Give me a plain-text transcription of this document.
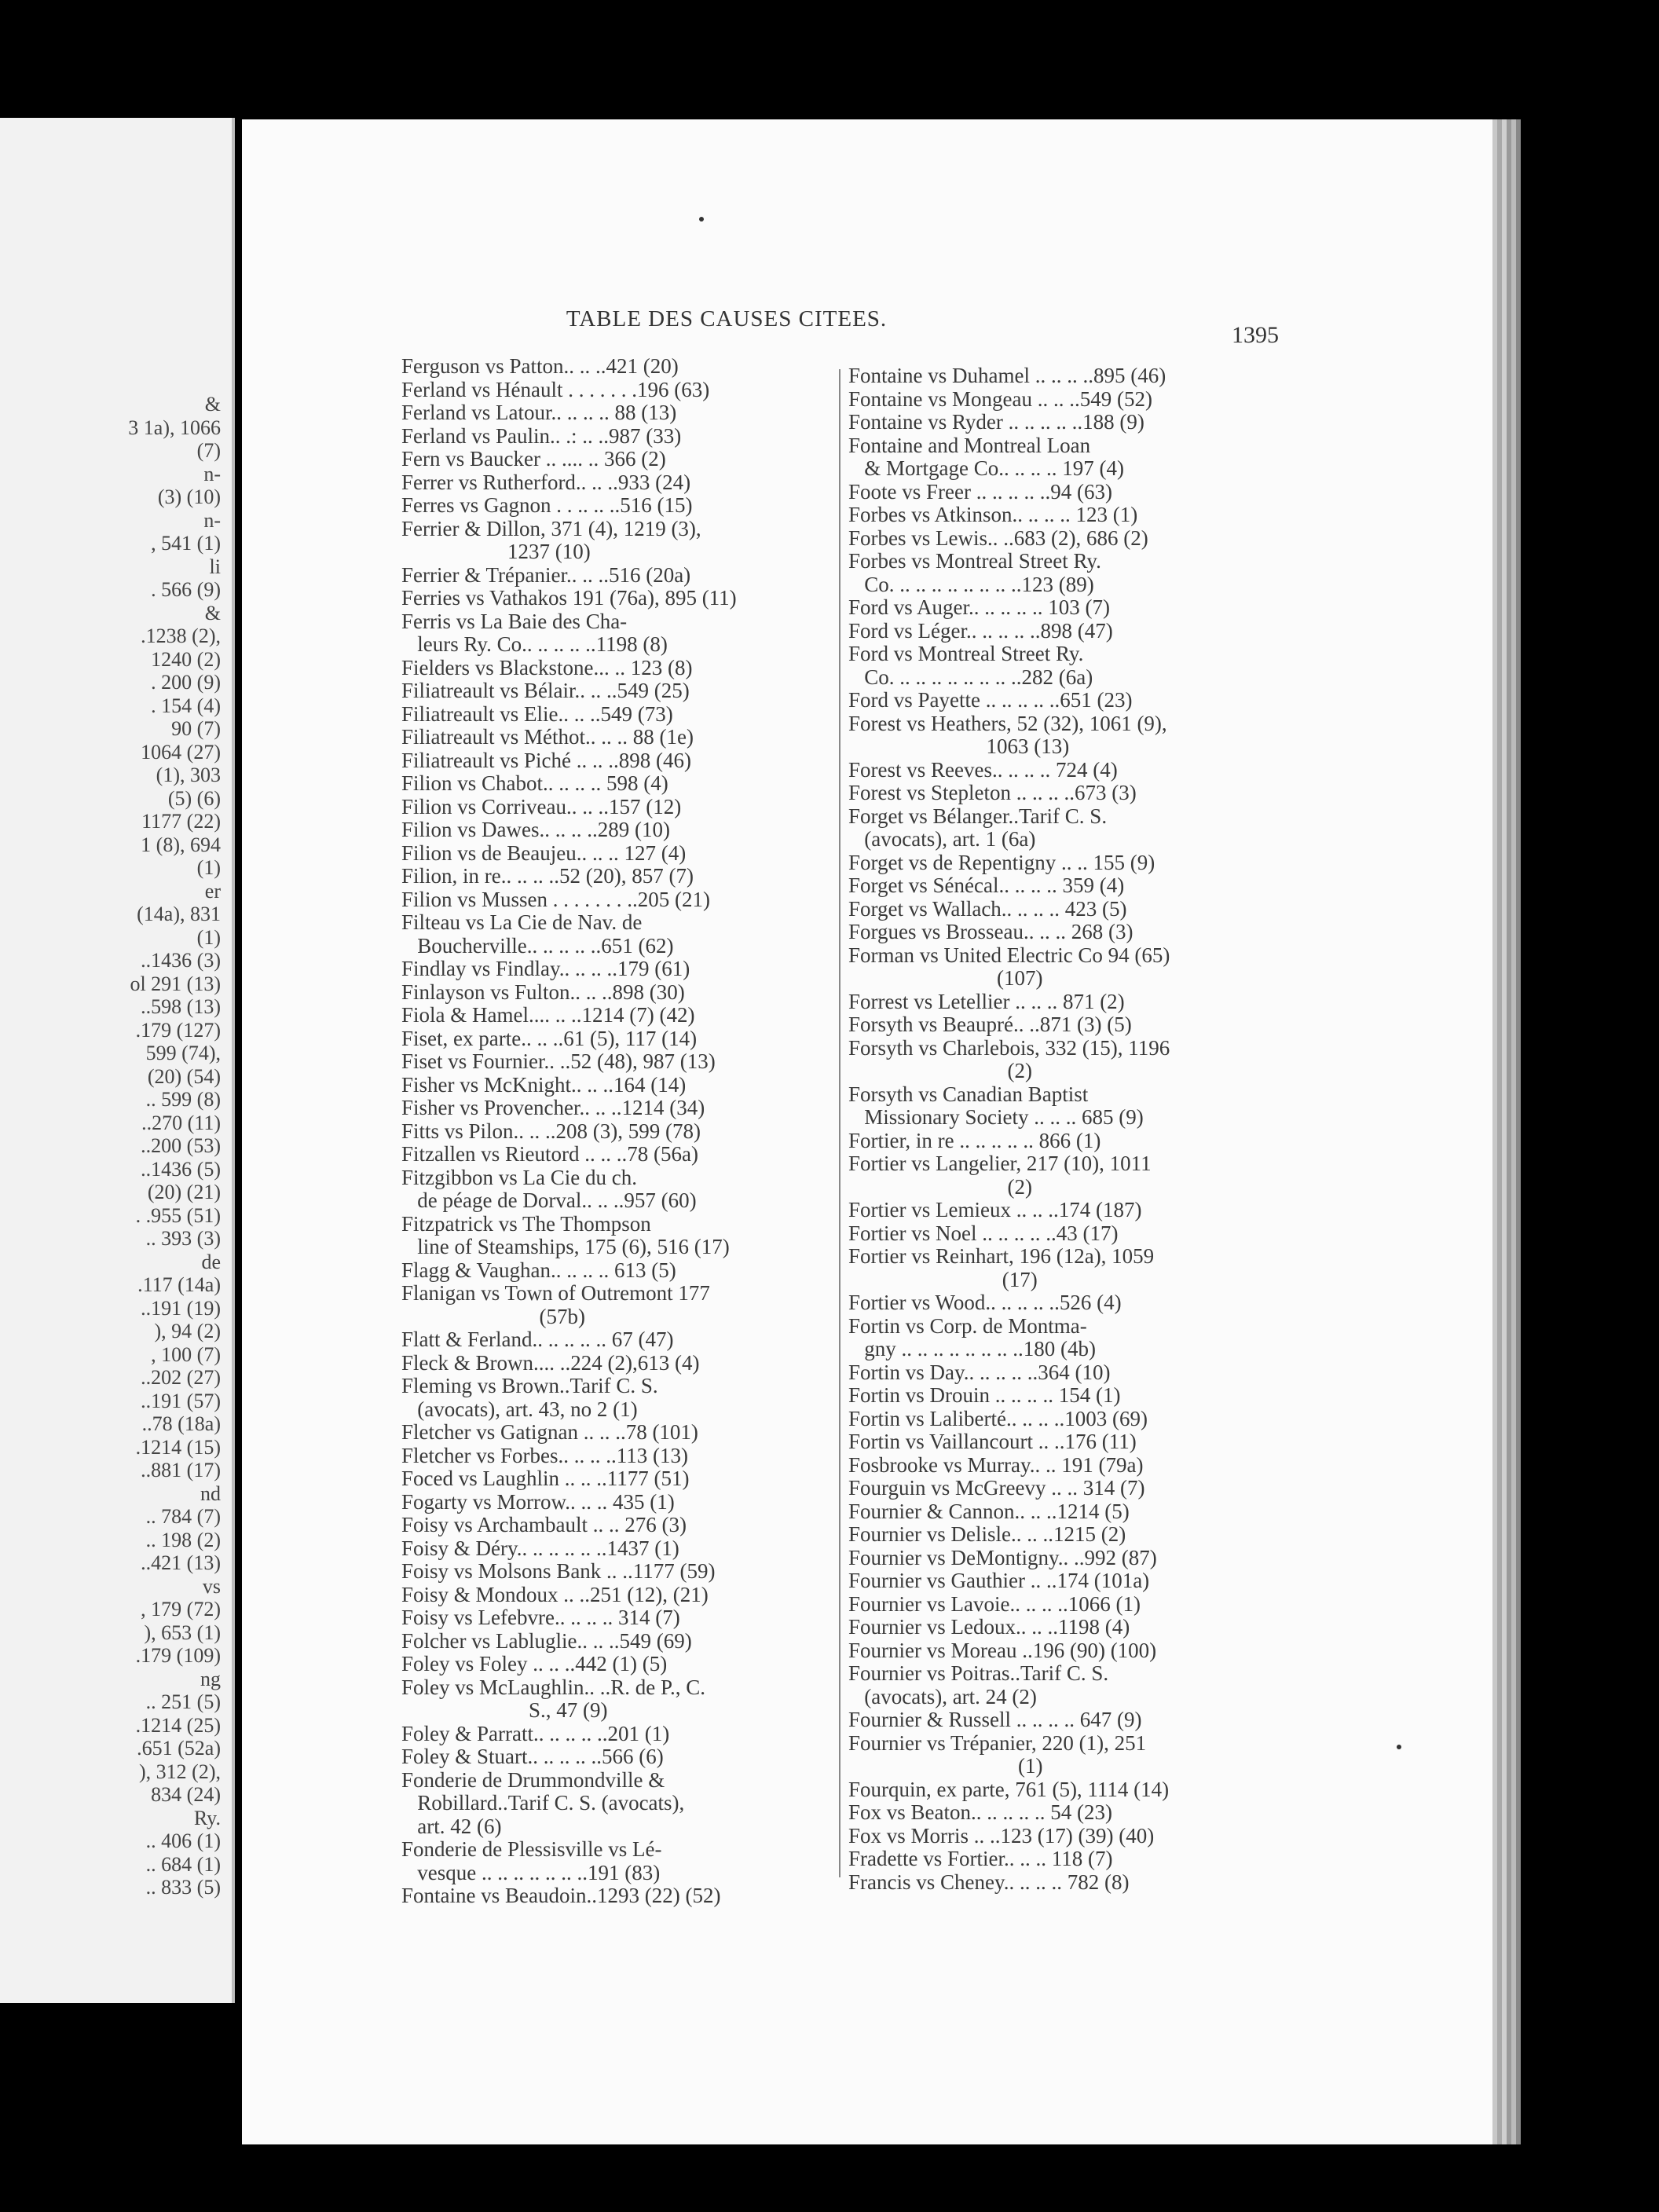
&
3 1a), 1066
(7)
n-
(3) (10)
n-
, 541 (1)
li
. 566 (9)
&
.1238 (2),
1240 (2)
. 200 (9)
. 154 (4)
90 (7)
1064 (27)
(1), 303
(5) (6)
1177 (22)
1 (8), 694
(1)
er
(14a), 831
(1)
..1436 (3)
ol 291 (13)
..598 (13)
.179 (127)
599 (74),
(20) (54)
.. 599 (8)
..270 (11)
..200 (53)
..1436 (5)
(20) (21)
. .955 (51)
.. 393 (3)
de
.117 (14a)
..191 (19)
), 94 (2)
, 100 (7)
..202 (27)
..191 (57)
..78 (18a)
.1214 (15)
..881 (17)
nd
.. 784 (7)
.. 198 (2)
..421 (13)
vs
, 179 (72)
), 653 (1)
.179 (109)
ng
.. 251 (5)
.1214 (25)
.651 (52a)
), 312 (2),
834 (24)
Ry.
.. 406 (1)
.. 684 (1)
.. 833 (5)
TABLE DES CAUSES CITEES.
1395
Ferguson vs Patton.. .. ..421 (20)
Ferland vs Hénault . . . . . . .196 (63)
Ferland vs Latour.. .. .. .. 88 (13)
Ferland vs Paulin.. .: .. ..987 (33)
Fern vs Baucker .. .... .. 366 (2)
Ferrer vs Rutherford.. .. ..933 (24)
Ferres vs Gagnon . . .. .. ..516 (15)
Ferrier & Dillon, 371 (4), 1219 (3),
1237 (10)
Ferrier & Trépanier.. .. ..516 (20a)
Ferries vs Vathakos 191 (76a), 895 (11)
Ferris vs La Baie des Cha-
leurs Ry. Co.. .. .. .. ..1198 (8)
Fielders vs Blackstone... .. 123 (8)
Filiatreault vs Bélair.. .. ..549 (25)
Filiatreault vs Elie.. .. ..549 (73)
Filiatreault vs Méthot.. .. .. 88 (1e)
Filiatreault vs Piché .. .. ..898 (46)
Filion vs Chabot.. .. .. .. 598 (4)
Filion vs Corriveau.. .. ..157 (12)
Filion vs Dawes.. .. .. ..289 (10)
Filion vs de Beaujeu.. .. .. 127 (4)
Filion, in re.. .. .. ..52 (20), 857 (7)
Filion vs Mussen . . . . . . . ..205 (21)
Filteau vs La Cie de Nav. de
Boucherville.. .. .. .. ..651 (62)
Findlay vs Findlay.. .. .. ..179 (61)
Finlayson vs Fulton.. .. ..898 (30)
Fiola & Hamel.... .. ..1214 (7) (42)
Fiset, ex parte.. .. ..61 (5), 117 (14)
Fiset vs Fournier.. ..52 (48), 987 (13)
Fisher vs McKnight.. .. ..164 (14)
Fisher vs Provencher.. .. ..1214 (34)
Fitts vs Pilon.. .. ..208 (3), 599 (78)
Fitzallen vs Rieutord .. .. ..78 (56a)
Fitzgibbon vs La Cie du ch.
de péage de Dorval.. .. ..957 (60)
Fitzpatrick vs The Thompson
line of Steamships, 175 (6), 516 (17)
Flagg & Vaughan.. .. .. .. 613 (5)
Flanigan vs Town of Outremont 177
(57b)
Flatt & Ferland.. .. .. .. .. 67 (47)
Fleck & Brown.... ..224 (2),613 (4)
Fleming vs Brown..Tarif C. S.
(avocats), art. 43, no 2 (1)
Fletcher vs Gatignan .. .. ..78 (101)
Fletcher vs Forbes.. .. .. ..113 (13)
Foced vs Laughlin .. .. ..1177 (51)
Fogarty vs Morrow.. .. .. 435 (1)
Foisy vs Archambault .. .. 276 (3)
Foisy & Déry.. .. .. .. .. ..1437 (1)
Foisy vs Molsons Bank .. ..1177 (59)
Foisy & Mondoux .. ..251 (12), (21)
Foisy vs Lefebvre.. .. .. .. 314 (7)
Folcher vs Labluglie.. .. ..549 (69)
Foley vs Foley .. .. ..442 (1) (5)
Foley vs McLaughlin.. ..R. de P., C.
S., 47 (9)
Foley & Parratt.. .. .. .. ..201 (1)
Foley & Stuart.. .. .. .. ..566 (6)
Fonderie de Drummondville &
Robillard..Tarif C. S. (avocats),
art. 42 (6)
Fonderie de Plessisville vs Lé-
vesque .. .. .. .. .. .. ..191 (83)
Fontaine vs Beaudoin..1293 (22) (52)
Fontaine vs Duhamel .. .. .. ..895 (46)
Fontaine vs Mongeau .. .. ..549 (52)
Fontaine vs Ryder .. .. .. .. ..188 (9)
Fontaine and Montreal Loan
& Mortgage Co.. .. .. .. 197 (4)
Foote vs Freer .. .. .. .. ..94 (63)
Forbes vs Atkinson.. .. .. .. 123 (1)
Forbes vs Lewis.. ..683 (2), 686 (2)
Forbes vs Montreal Street Ry.
Co. .. .. .. .. .. .. .. ..123 (89)
Ford vs Auger.. .. .. .. .. 103 (7)
Ford vs Léger.. .. .. .. ..898 (47)
Ford vs Montreal Street Ry.
Co. .. .. .. .. .. .. .. ..282 (6a)
Ford vs Payette .. .. .. .. ..651 (23)
Forest vs Heathers, 52 (32), 1061 (9),
1063 (13)
Forest vs Reeves.. .. .. .. 724 (4)
Forest vs Stepleton .. .. .. ..673 (3)
Forget vs Bélanger..Tarif C. S.
(avocats), art. 1 (6a)
Forget vs de Repentigny .. .. 155 (9)
Forget vs Sénécal.. .. .. .. 359 (4)
Forget vs Wallach.. .. .. .. 423 (5)
Forgues vs Brosseau.. .. .. 268 (3)
Forman vs United Electric Co 94 (65)
(107)
Forrest vs Letellier .. .. .. 871 (2)
Forsyth vs Beaupré.. ..871 (3) (5)
Forsyth vs Charlebois, 332 (15), 1196
(2)
Forsyth vs Canadian Baptist
Missionary Society .. .. .. 685 (9)
Fortier, in re .. .. .. .. .. 866 (1)
Fortier vs Langelier, 217 (10), 1011
(2)
Fortier vs Lemieux .. .. ..174 (187)
Fortier vs Noel .. .. .. .. ..43 (17)
Fortier vs Reinhart, 196 (12a), 1059
(17)
Fortier vs Wood.. .. .. .. ..526 (4)
Fortin vs Corp. de Montma-
gny .. .. .. .. .. .. .. ..180 (4b)
Fortin vs Day.. .. .. .. ..364 (10)
Fortin vs Drouin .. .. .. .. 154 (1)
Fortin vs Laliberté.. .. .. ..1003 (69)
Fortin vs Vaillancourt .. ..176 (11)
Fosbrooke vs Murray.. .. 191 (79a)
Fourguin vs McGreevy .. .. 314 (7)
Fournier & Cannon.. .. ..1214 (5)
Fournier vs Delisle.. .. ..1215 (2)
Fournier vs DeMontigny.. ..992 (87)
Fournier vs Gauthier .. ..174 (101a)
Fournier vs Lavoie.. .. .. ..1066 (1)
Fournier vs Ledoux.. .. ..1198 (4)
Fournier vs Moreau ..196 (90) (100)
Fournier vs Poitras..Tarif C. S.
(avocats), art. 24 (2)
Fournier & Russell .. .. .. .. 647 (9)
Fournier vs Trépanier, 220 (1), 251
(1)
Fourquin, ex parte, 761 (5), 1114 (14)
Fox vs Beaton.. .. .. .. .. 54 (23)
Fox vs Morris .. ..123 (17) (39) (40)
Fradette vs Fortier.. .. .. 118 (7)
Francis vs Cheney.. .. .. .. 782 (8)
